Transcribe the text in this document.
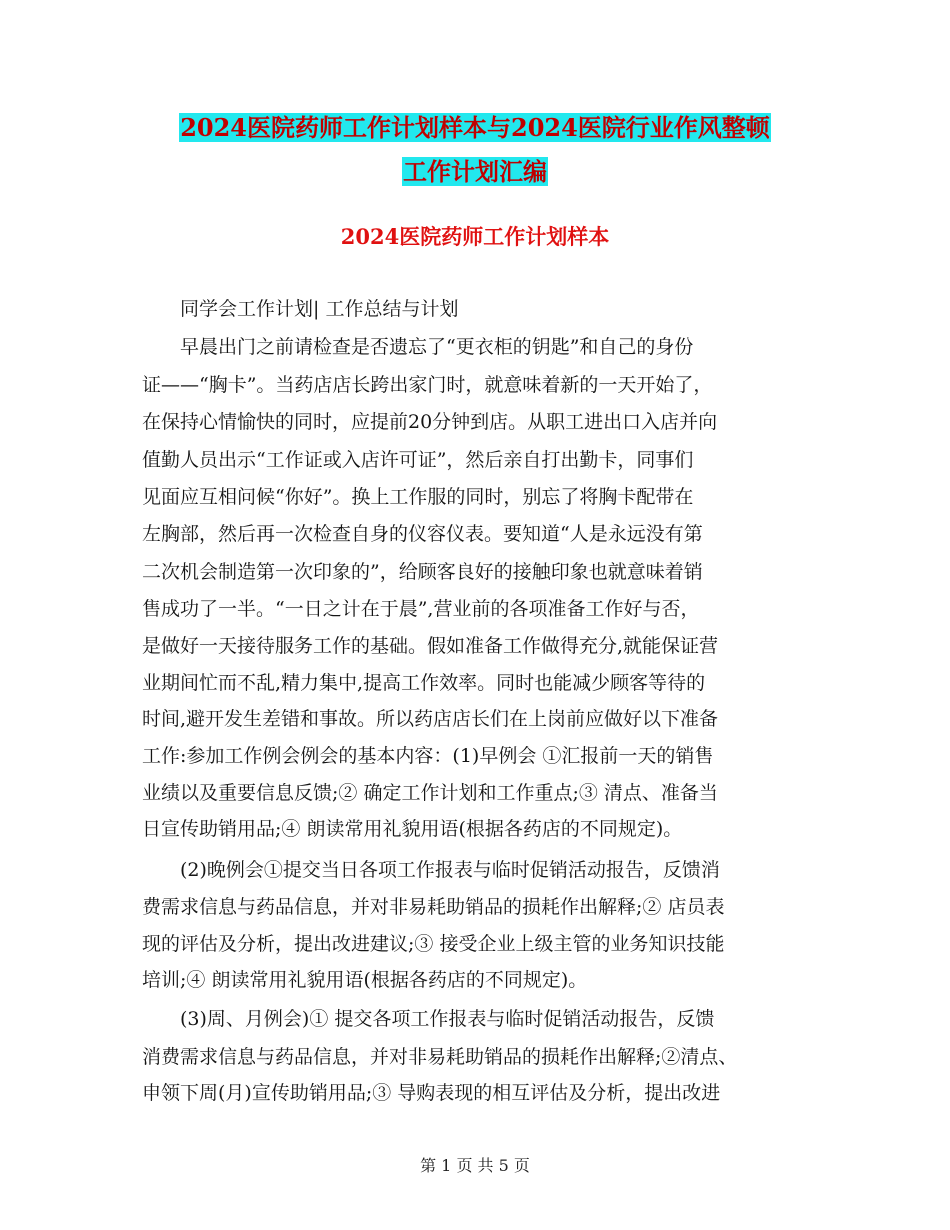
2024医院药师工作计划样本与2024医院行业作风整顿
工作计划汇编
2024医院药师工作计划样本
同学会工作计划| 工作总结与计划
早晨出门之前请检查是否遗忘了“更衣柜的钥匙”和自己的身份
证——“胸卡”。当药店店长跨出家门时，就意味着新的一天开始了，
在保持心情愉快的同时，应提前20分钟到店。从职工进出口入店并向
值勤人员出示“工作证或入店许可证”，然后亲自打出勤卡，同事们
见面应互相问候“你好”。换上工作服的同时，别忘了将胸卡配带在
左胸部，然后再一次检查自身的仪容仪表。要知道“人是永远没有第
二次机会制造第一次印象的”，给顾客良好的接触印象也就意味着销
售成功了一半。“一日之计在于晨”,营业前的各项准备工作好与否，
是做好一天接待服务工作的基础。假如准备工作做得充分,就能保证营
业期间忙而不乱,精力集中,提高工作效率。同时也能减少顾客等待的
时间,避开发生差错和事故。所以药店店长们在上岗前应做好以下准备
工作:参加工作例会例会的基本内容：(1)早例会 ①汇报前一天的销售
业绩以及重要信息反馈;② 确定工作计划和工作重点;③ 清点、准备当
日宣传助销用品;④ 朗读常用礼貌用语(根据各药店的不同规定)。
(2)晚例会①提交当日各项工作报表与临时促销活动报告，反馈消
费需求信息与药品信息，并对非易耗助销品的损耗作出解释;② 店员表
现的评估及分析，提出改进建议;③ 接受企业上级主管的业务知识技能
培训;④ 朗读常用礼貌用语(根据各药店的不同规定)。
(3)周、月例会)① 提交各项工作报表与临时促销活动报告，反馈
消费需求信息与药品信息，并对非易耗助销品的损耗作出解释;②清点、
申领下周(月)宣传助销用品;③ 导购表现的相互评估及分析，提出改进
第 1 页 共 5 页
